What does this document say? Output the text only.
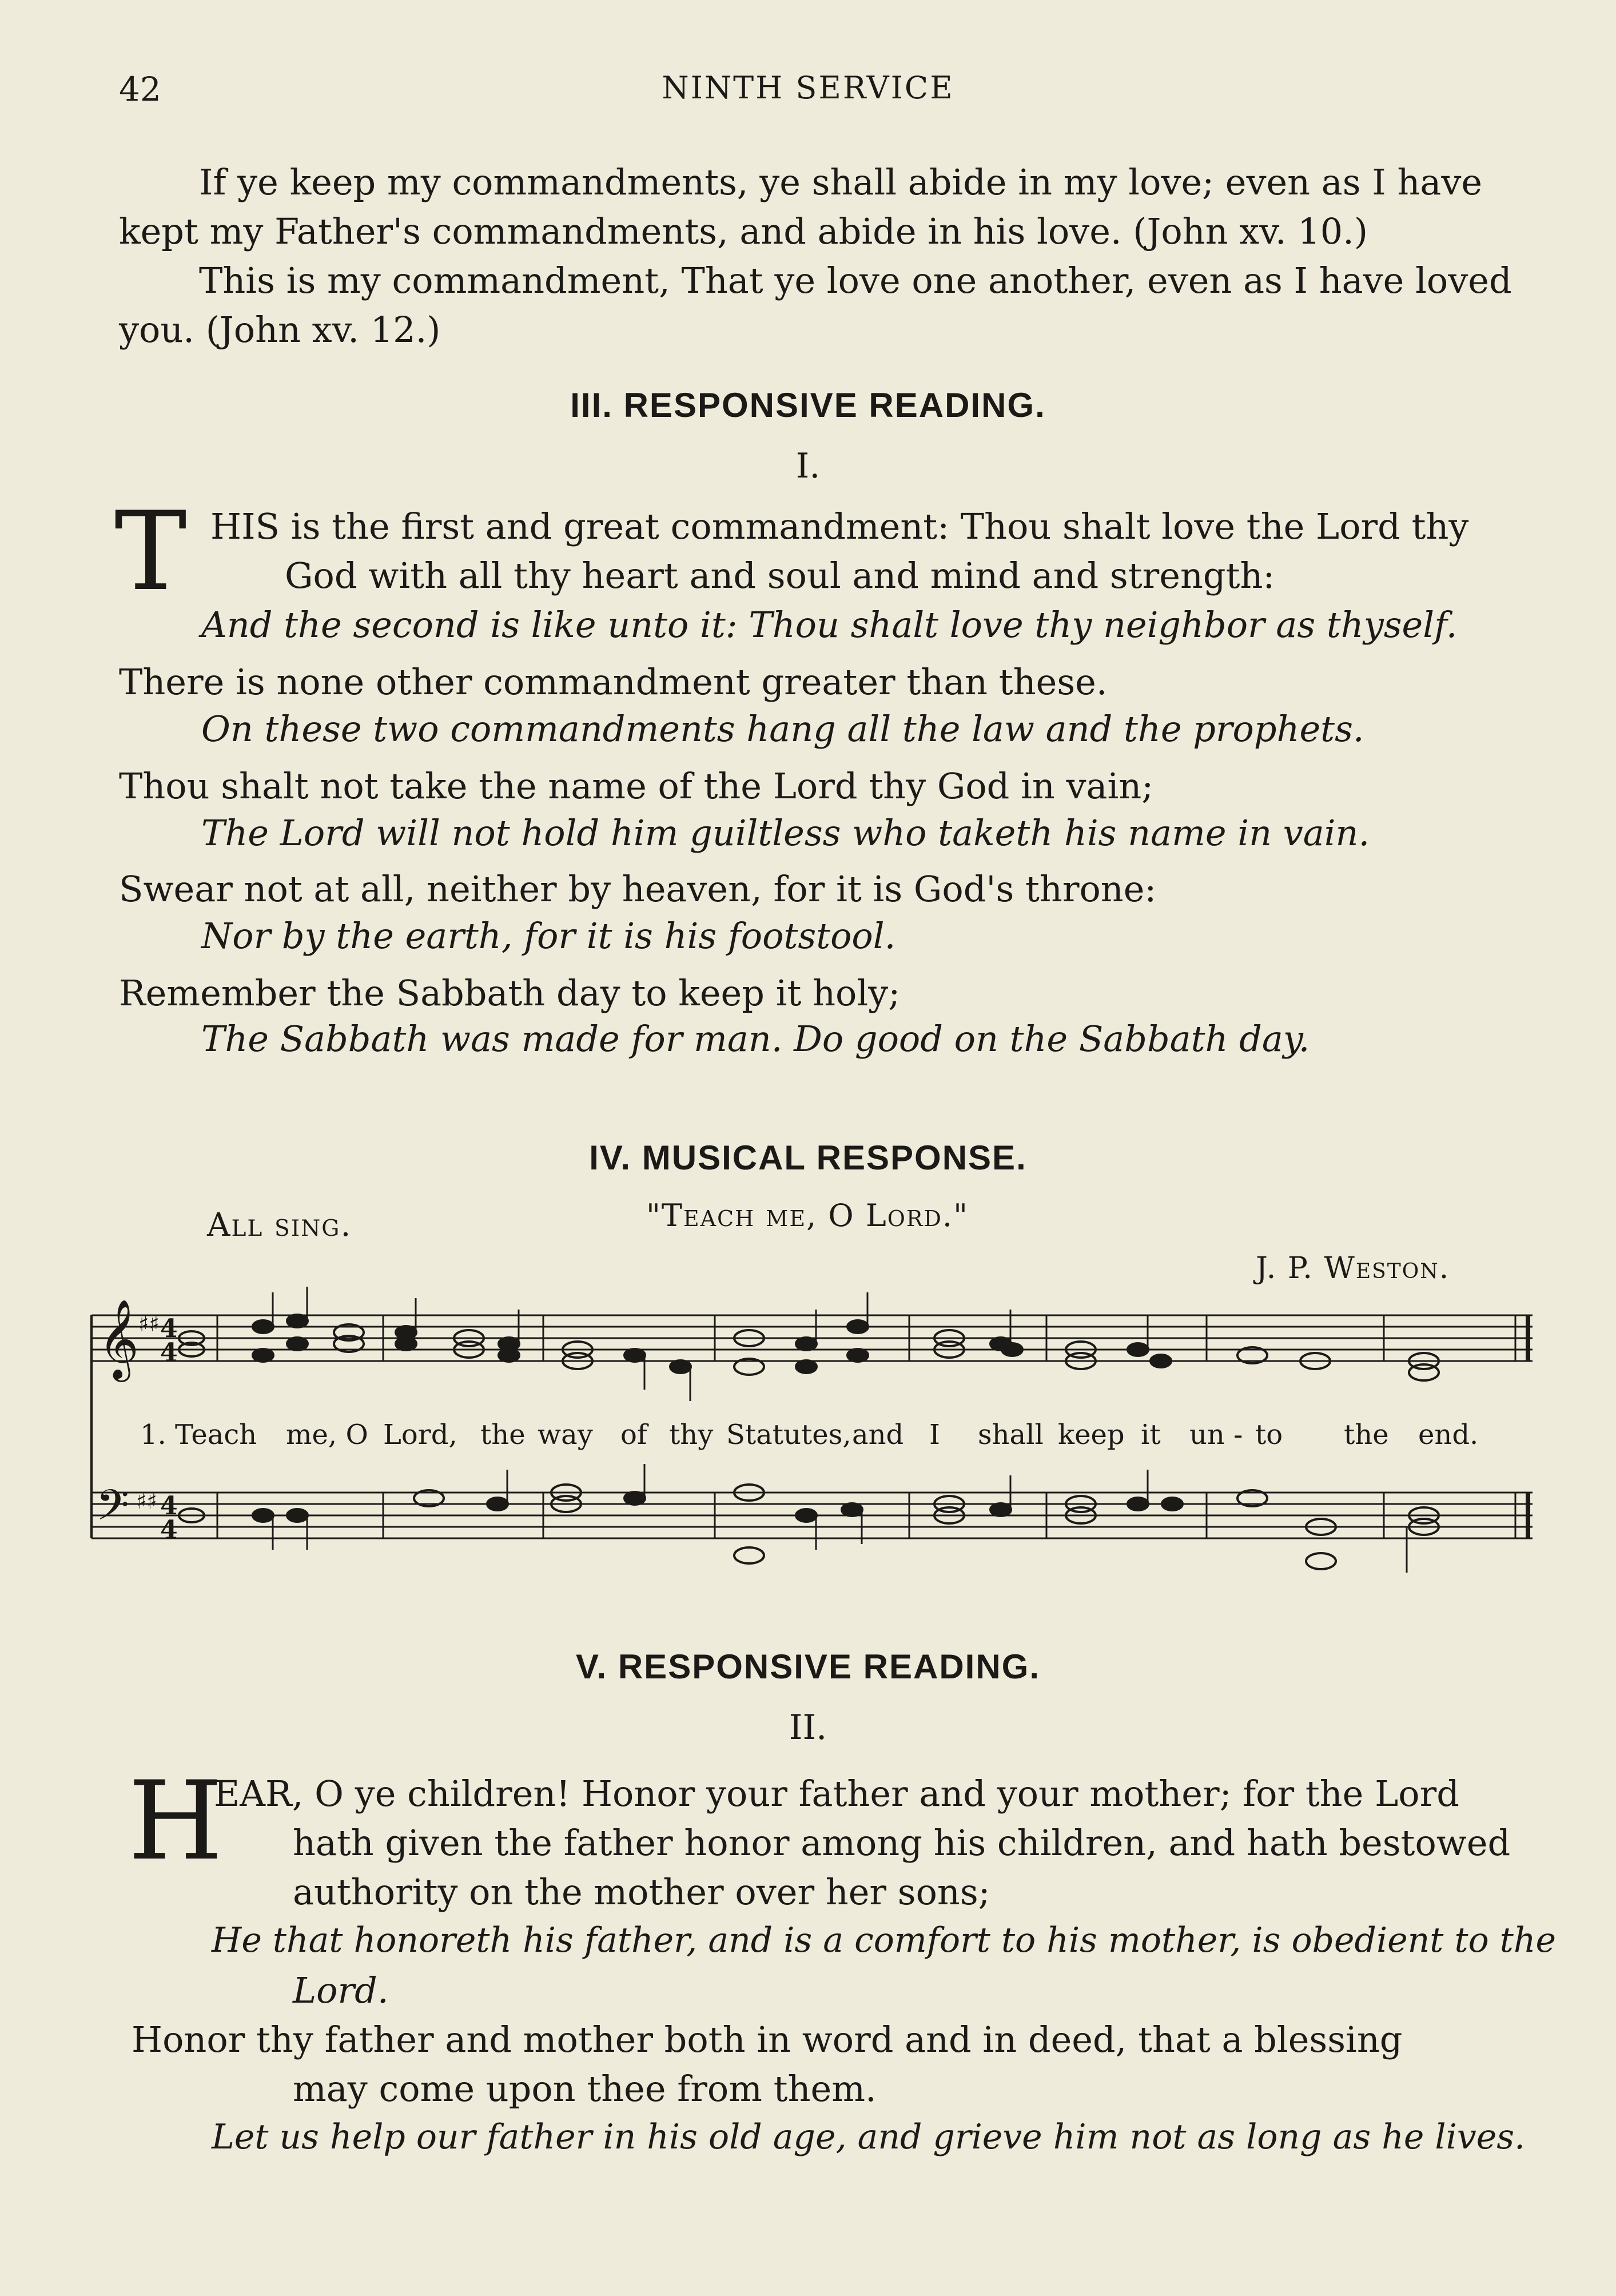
42	NINTH SERVICE
If ye keep my commandments, ye shall abide in my love; even as I have
kept my Father's commandments, and abide in his love. (John xv. 10.)
This is my commandment, That ye love one another, even as I have loved
you. (John xv. 12.)
III. RESPONSIVE READING.
I.
T HIS is the first and great commandment: Thou shalt love the Lord thy
God with all thy heart and soul and mind and strength:
And the second is like unto it: Thou shalt love thy neighbor as thyself.
There is none other commandment greater than these.
On these two commandments hang all the law and the prophets.
Thou shalt not take the name of the Lord thy God in vain;
The Lord will not hold him guiltless who taketh his name in vain.
Swear not at all, neither by heaven, for it is God's throne:
Nor by the earth, for it is his footstool.
Remember the Sabbath day to keep it holy;
The Sabbath was made for man. Do good on the Sabbath day.
IV. MUSICAL RESPONSE.
All sing.	"Teach me, O Lord."
J. P. Weston.
𝄞
𝄢
♯♯
♯♯
4
4
4
4
1. Teach me, O Lord, the way of thy Statutes, and I shall keep it un - to the end.
V. RESPONSIVE READING.
II.
H
EAR, O ye children! Honor your father and your mother; for the Lord
hath given the father honor among his children, and hath bestowed
authority on the mother over her sons;
He that honoreth his father, and is a comfort to his mother, is obedient to the
Lord.
Honor thy father and mother both in word and in deed, that a blessing
may come upon thee from them.
Let us help our father in his old age, and grieve him not as long as he lives.
